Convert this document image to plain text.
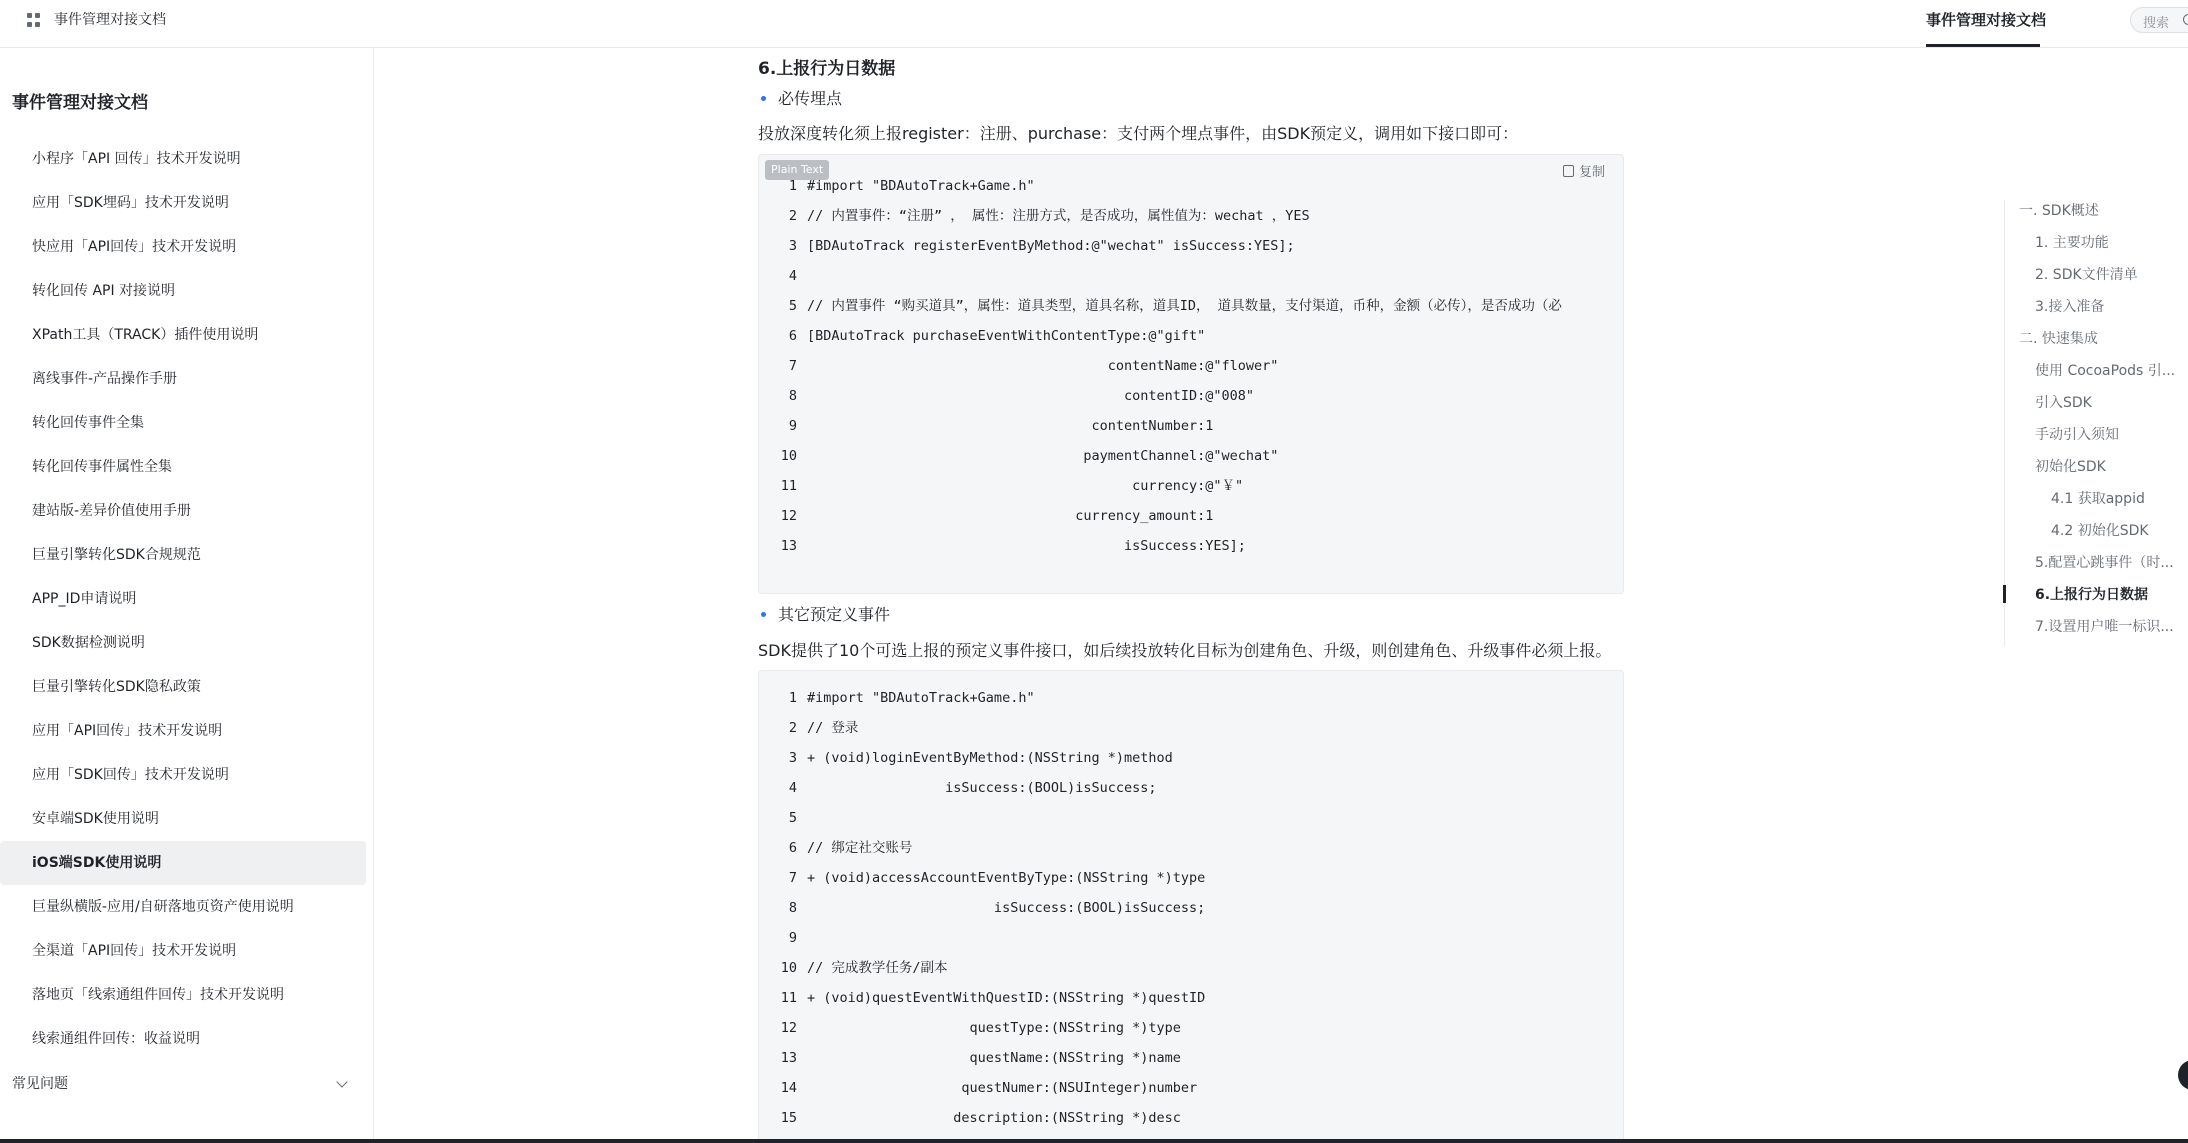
事件管理对接文档	事件管理对接文档	搜索
事件管理对接文档
小程序「API 回传」技术开发说明
应用「SDK埋码」技术开发说明
快应用「API回传」技术开发说明
转化回传 API 对接说明
XPath工具（TRACK）插件使用说明
离线事件-产品操作手册
转化回传事件全集
转化回传事件属性全集
建站版-差异价值使用手册
巨量引擎转化SDK合规规范
APP_ID申请说明
SDK数据检测说明
巨量引擎转化SDK隐私政策
应用「API回传」技术开发说明
应用「SDK回传」技术开发说明
安卓端SDK使用说明
iOS端SDK使用说明
巨量纵横版-应用/自研落地页资产使用说明
全渠道「API回传」技术开发说明
落地页「线索通组件回传」技术开发说明
线索通组件回传：收益说明
常见问题
6.上报行为日数据
必传埋点
投放深度转化须上报register：注册、purchase：支付两个埋点事件，由SDK预定义，调用如下接口即可：
Plain Text	复制
1 #import "BDAutoTrack+Game.h"
2 // 内置事件：“注册” ， 属性：注册方式，是否成功，属性值为：wechat ，YES
3 [BDAutoTrack registerEventByMethod:@"wechat" isSuccess:YES];
4
5 // 内置事件 “购买道具”，属性：道具类型，道具名称，道具ID， 道具数量，支付渠道，币种，金额（必传），是否成功（必
6 [BDAutoTrack purchaseEventWithContentType:@"gift"
7                                     contentName:@"flower"
8                                       contentID:@"008"
9                                   contentNumber:1
10                                  paymentChannel:@"wechat"
11                                        currency:@"￥"
12                                 currency_amount:1
13                                       isSuccess:YES];
其它预定义事件
SDK提供了10个可选上报的预定义事件接口，如后续投放转化目标为创建角色、升级，则创建角色、升级事件必须上报。
1 #import "BDAutoTrack+Game.h"
2 // 登录
3 + (void)loginEventByMethod:(NSString *)method
4                 isSuccess:(BOOL)isSuccess;
5
6 // 绑定社交账号
7 + (void)accessAccountEventByType:(NSString *)type
8                       isSuccess:(BOOL)isSuccess;
9
10 // 完成教学任务/副本
11 + (void)questEventWithQuestID:(NSString *)questID
12                    questType:(NSString *)type
13                    questName:(NSString *)name
14                   questNumer:(NSUInteger)number
15                  description:(NSString *)desc
一. SDK概述
1. 主要功能
2. SDK文件清单
3.接入准备
二. 快速集成
使用 CocoaPods 引...
引入SDK
手动引入须知
初始化SDK
4.1 获取appid
4.2 初始化SDK
5.配置心跳事件（时...
6.上报行为日数据
7.设置用户唯一标识...
